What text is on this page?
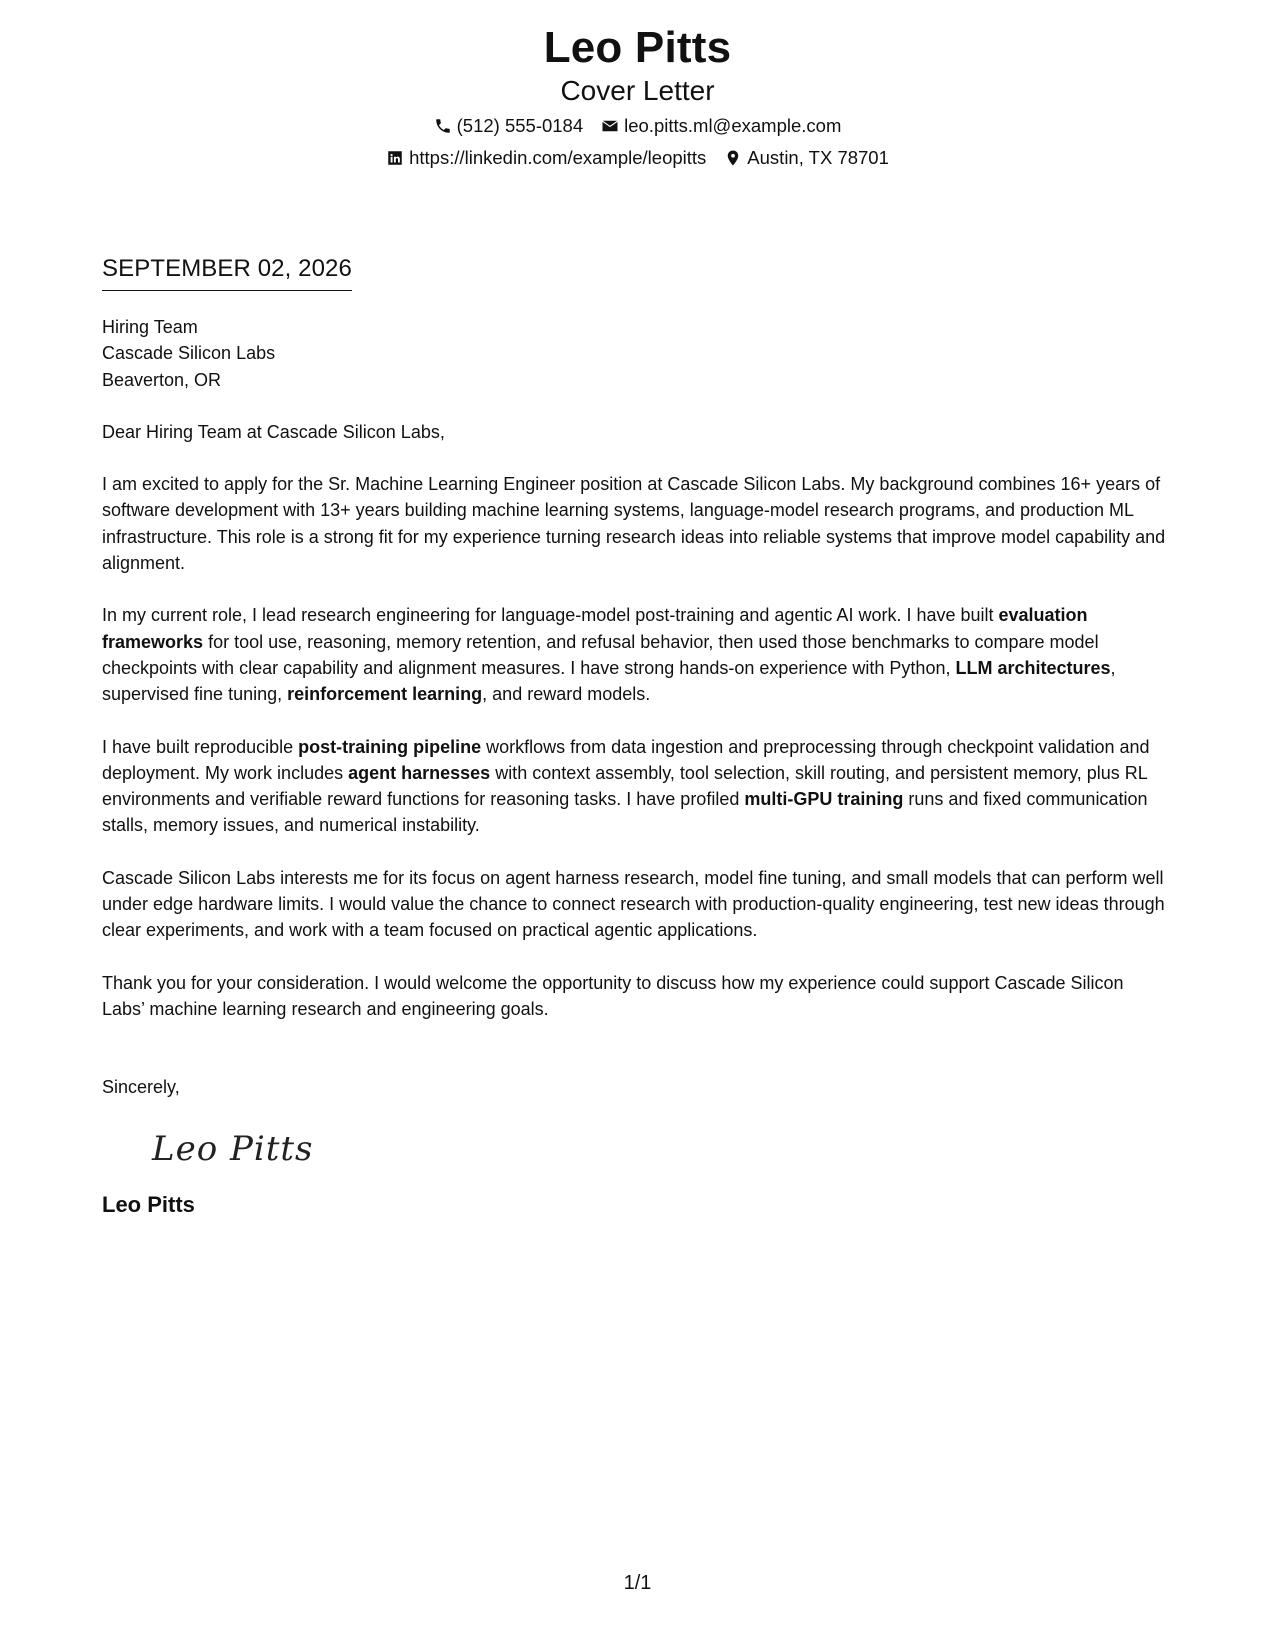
Leo Pitts
Cover Letter
(512) 555-0184 leo.pitts.ml@example.com
https://linkedin.com/example/leopitts Austin, TX 78701
SEPTEMBER 02, 2026
Hiring Team
Cascade Silicon Labs
Beaverton, OR
Dear Hiring Team at Cascade Silicon Labs,

I am excited to apply for the Sr. Machine Learning Engineer position at Cascade Silicon Labs. My background combines 16+ years of software development with 13+ years building machine learning systems, language-model research programs, and production ML infrastructure. This role is a strong fit for my experience turning research ideas into reliable systems that improve model capability and alignment.

In my current role, I lead research engineering for language-model post-training and agentic AI work. I have built evaluation frameworks for tool use, reasoning, memory retention, and refusal behavior, then used those benchmarks to compare model checkpoints with clear capability and alignment measures. I have strong hands-on experience with Python, LLM architectures, supervised fine tuning, reinforcement learning, and reward models.

I have built reproducible post-training pipeline workflows from data ingestion and preprocessing through checkpoint validation and deployment. My work includes agent harnesses with context assembly, tool selection, skill routing, and persistent memory, plus RL environments and verifiable reward functions for reasoning tasks. I have profiled multi-GPU training runs and fixed communication stalls, memory issues, and numerical instability.

Cascade Silicon Labs interests me for its focus on agent harness research, model fine tuning, and small models that can perform well under edge hardware limits. I would value the chance to connect research with production-quality engineering, test new ideas through clear experiments, and work with a team focused on practical agentic applications.

Thank you for your consideration. I would welcome the opportunity to discuss how my experience could support Cascade Silicon Labs’ machine learning research and engineering goals.

Sincerely,
Leo Pitts
Leo Pitts
1/1
